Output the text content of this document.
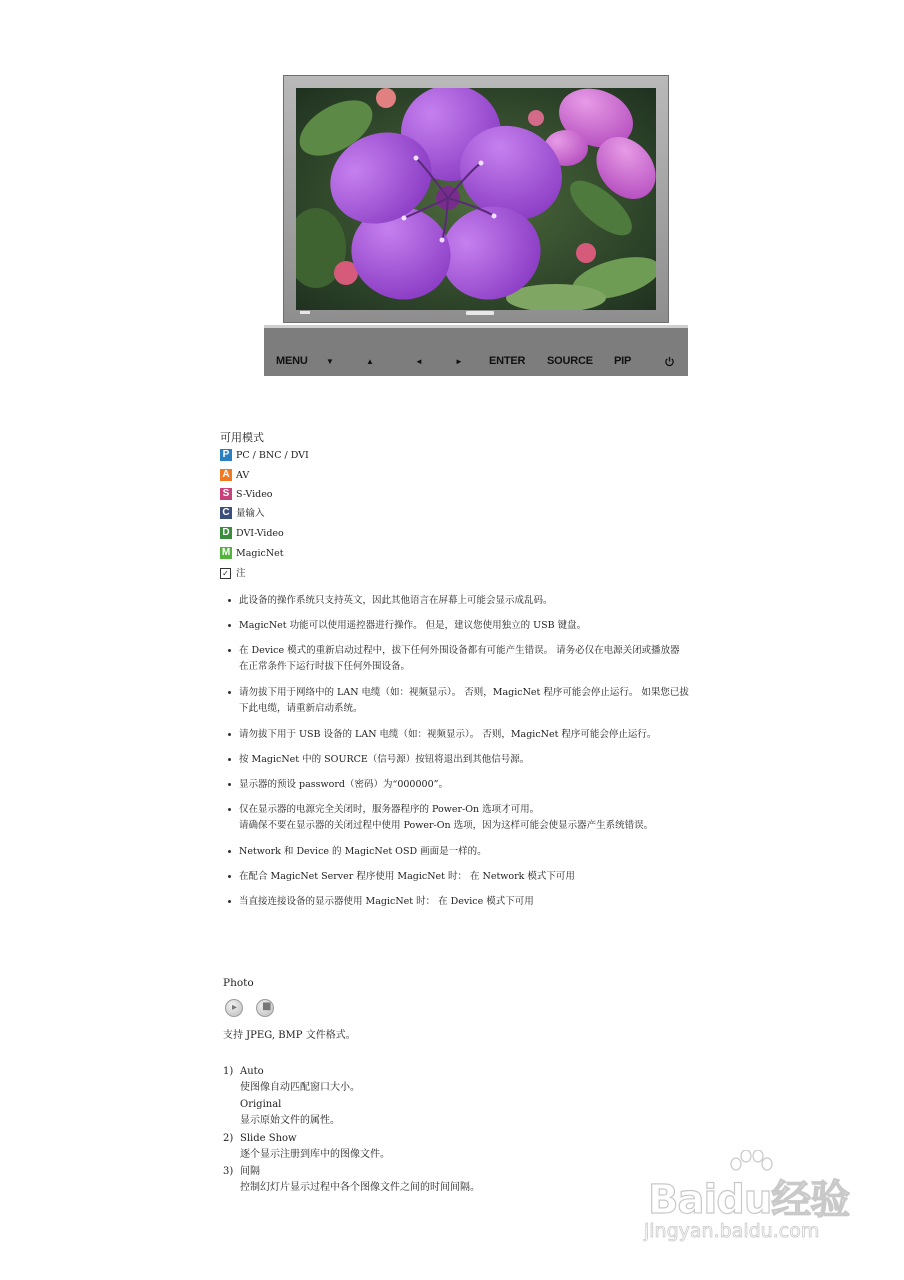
MENU ▼	▲	◄	► ENTER SOURCE PIP
可用模式
P PC / BNC / DVI
A AV
S S-Video
C 量输入
D DVI-Video
M MagicNet
✓ 注
此设备的操作系统只支持英文，因此其他语言在屏幕上可能会显示成乱码。
MagicNet 功能可以使用遥控器进行操作。 但是，建议您使用独立的 USB 键盘。
在 Device 模式的重新启动过程中，拔下任何外围设备都有可能产生错误。 请务必仅在电源关闭或播放器
在正常条件下运行时拔下任何外围设备。
请勿拔下用于网络中的 LAN 电缆（如：视频显示）。 否则，MagicNet 程序可能会停止运行。 如果您已拔
下此电缆，请重新启动系统。
请勿拔下用于 USB 设备的 LAN 电缆（如：视频显示）。 否则，MagicNet 程序可能会停止运行。
按 MagicNet 中的 SOURCE（信号源）按钮将退出到其他信号源。
显示器的预设 password（密码）为“000000”。
仅在显示器的电源完全关闭时，服务器程序的 Power-On 选项才可用。
请确保不要在显示器的关闭过程中使用 Power-On 选项，因为这样可能会使显示器产生系统错误。
Network 和 Device 的 MagicNet OSD 画面是一样的。
在配合 MagicNet Server 程序使用 MagicNet 时： 在 Network 模式下可用
当直接连接设备的显示器使用 MagicNet 时： 在 Device 模式下可用
Photo
▸ ■
支持 JPEG, BMP 文件格式。
1) Auto
使图像自动匹配窗口大小。
Original
显示原始文件的属性。
2) Slide Show
逐个显示注册到库中的图像文件。
3) 间隔
控制幻灯片显示过程中各个图像文件之间的时间间隔。	Baidu经验
jingyan.baidu.com
